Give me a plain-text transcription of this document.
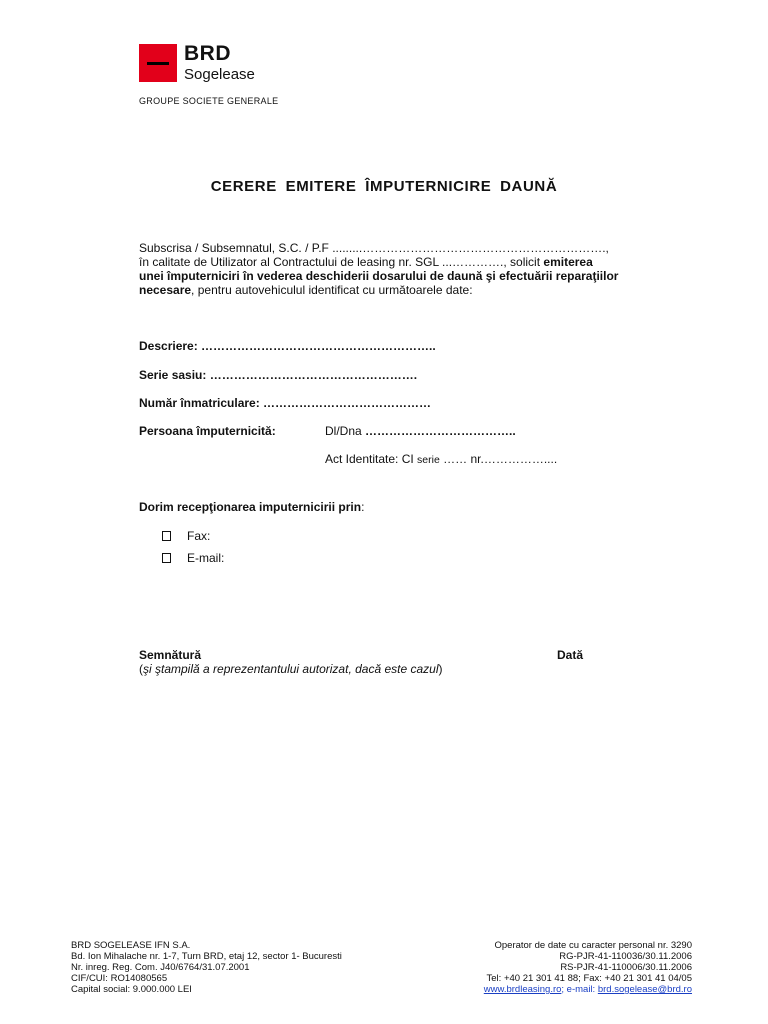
BRD
Sogelease
GROUPE SOCIETE GENERALE
CERERE EMITERE ÎMPUTERNICIRE DAUNĂ
Subscrisa / Subsemnatul, S.C. / P.F .........…………………………………………………….,
în calitate de Utilizator al Contractului de leasing nr. SGL ...…………., solicit emiterea
unei împuterniciri în vederea deschiderii dosarului de daună şi efectuării reparaţiilor
necesare, pentru autovehiculul identificat cu următoarele date:
Descriere: …………………………………………………..
Serie sasiu: …………………………………………….
Număr înmatriculare: ……………………………………
Persoana împuternicită:	Dl/Dna ………………………………..
Act Identitate: CI serie …… nr.……………....
Dorim recepţionarea imputernicirii prin:
Fax:
E-mail:
Semnătură
(şi ştampilă a reprezentantului autorizat, dacă este cazul)
Dată
BRD SOGELEASE IFN S.A.
Bd. Ion Mihalache nr. 1-7, Turn BRD, etaj 12, sector 1- Bucuresti
Nr. inreg. Reg. Com. J40/6764/31.07.2001
CIF/CUI: RO14080565
Capital social: 9.000.000 LEI
Operator de date cu caracter personal nr. 3290
RG-PJR-41-110036/30.11.2006
RS-PJR-41-110006/30.11.2006
Tel: +40 21 301 41 88; Fax: +40 21 301 41 04/05
www.brdleasing.ro; e-mail: brd.sogelease@brd.ro
